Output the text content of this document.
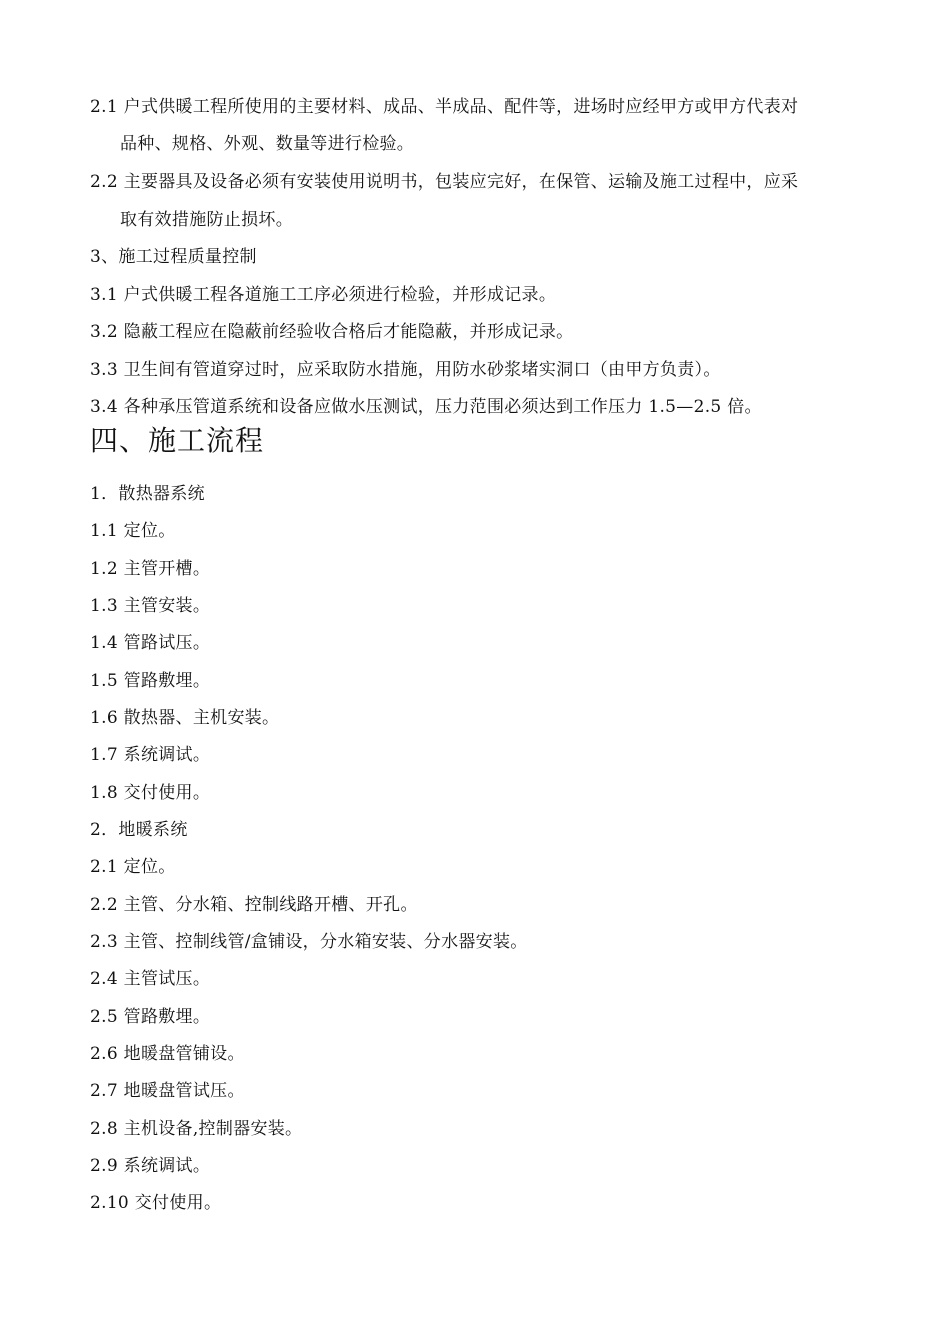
2.1 户式供暖工程所使用的主要材料、成品、半成品、配件等，进场时应经甲方或甲方代表对
品种、规格、外观、数量等进行检验。
2.2 主要器具及设备必须有安装使用说明书，包装应完好，在保管、运输及施工过程中，应采
取有效措施防止损坏。
3、施工过程质量控制
3.1 户式供暖工程各道施工工序必须进行检验，并形成记录。
3.2 隐蔽工程应在隐蔽前经验收合格后才能隐蔽，并形成记录。
3.3 卫生间有管道穿过时，应采取防水措施，用防水砂浆堵实洞口（由甲方负责）。
3.4 各种承压管道系统和设备应做水压测试，压力范围必须达到工作压力 1.5—2.5 倍。
四、施工流程
1．散热器系统
1.1 定位。
1.2 主管开槽。
1.3 主管安装。
1.4 管路试压。
1.5 管路敷埋。
1.6 散热器、主机安装。
1.7 系统调试。
1.8 交付使用。
2．地暖系统
2.1 定位。
2.2 主管、分水箱、控制线路开槽、开孔。
2.3 主管、控制线管/盒铺设，分水箱安装、分水器安装。
2.4 主管试压。
2.5 管路敷埋。
2.6 地暖盘管铺设。
2.7 地暖盘管试压。
2.8 主机设备,控制器安装。
2.9 系统调试。
2.10 交付使用。
